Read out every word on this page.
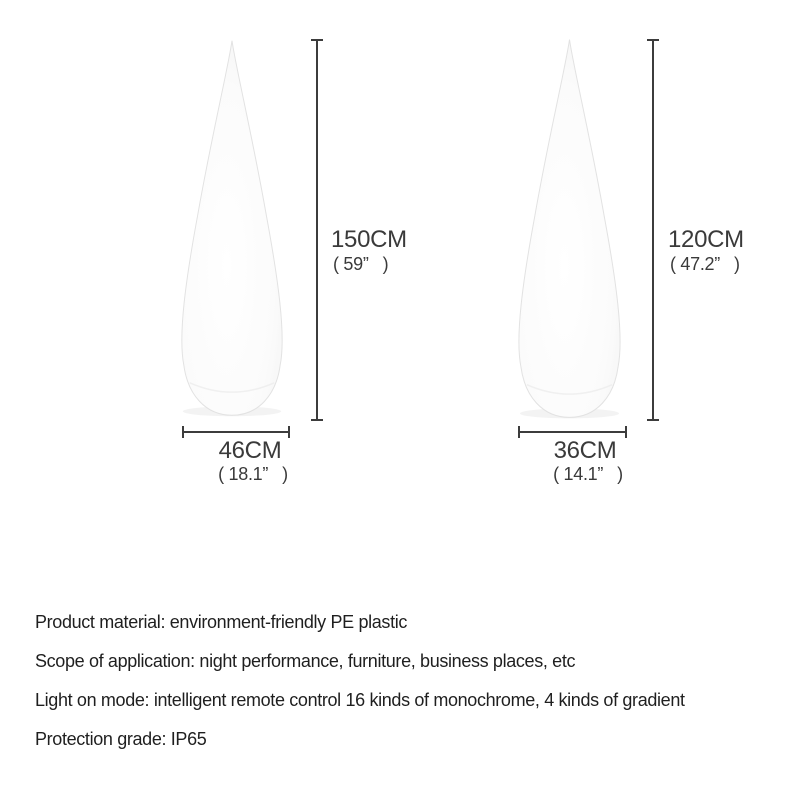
150CM
( 59”   )
46CM
( 18.1”   )
120CM
( 47.2”   )
36CM
( 14.1”   )
Product material: environment-friendly PE plastic
Scope of application: night performance, furniture, business places, etc
Light on mode: intelligent remote control 16 kinds of monochrome, 4 kinds of gradient
Protection grade: IP65
